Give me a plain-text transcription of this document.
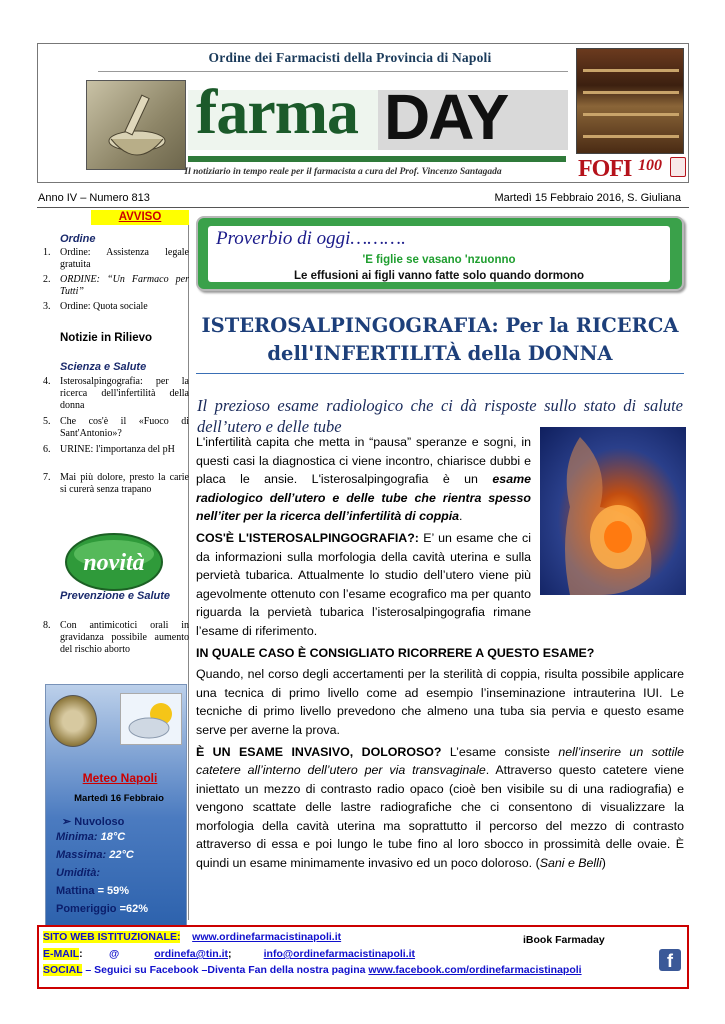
Ordine dei Farmacisti della Provincia di Napoli
farma DAY
Il notiziario in tempo reale per il farmacista a cura del Prof. Vincenzo Santagada	FOFI 100
Anno IV – Numero 813	Martedì 15 Febbraio 2016, S. Giuliana
AVVISO
Ordine
1. Ordine: Assistenza legale gratuita
2. ORDINE: “Un Farmaco per Tutti”
3. Ordine: Quota sociale
Notizie in Rilievo
Scienza e Salute
4. Isterosalpingografia: per la ricerca dell'infertilità della donna
5. Che cos'è il «Fuoco di Sant'Antonio»?
6. URINE: l'importanza del pH
7. Mai più dolore, presto la carie si curerà senza trapano
novità
Prevenzione e Salute
8. Con antimicotici orali in gravidanza possibile aumento del rischio aborto
Meteo Napoli
Martedì 16 Febbraio
➢ Nuvoloso
Minima: 18°C
Massima: 22°C
Umidità:
Mattina = 59%
Pomeriggio =62%
Proverbio di oggi……….
'E figlie se vasano 'nzuonno
Le effusioni ai figli vanno fatte solo quando dormono
ISTEROSALPINGOGRAFIA: Per la RICERCA
dell'INFERTILITÀ della DONNA
Il prezioso esame radiologico che ci dà risposte sullo stato di salute dell’utero e delle tube

L'infertilità capita che metta in “pausa” speranze e sogni, in questi casi la diagnostica ci viene incontro, chiarisce dubbi e placa le ansie. L'isterosalpingografia è un esame radiologico dell’utero e delle tube che rientra spesso nell’iter per la ricerca dell’infertilità di coppia.

COS'È L'ISTEROSALPINGOGRAFIA?: E’ un esame che ci da informazioni sulla morfologia della cavità uterina e sulla pervietà tubarica. Attualmente lo studio dell’utero viene più agevolmente ottenuto con l’esame ecografico ma per quanto riguarda la pervietà tubarica l’isterosalpingografia rimane l’esame di riferimento.

IN QUALE CASO È CONSIGLIATO RICORRERE A QUESTO ESAME?

Quando, nel corso degli accertamenti per la sterilità di coppia, risulta possibile applicare una tecnica di primo livello come ad esempio l’inseminazione intrauterina IUI. Le tecniche di primo livello prevedono che almeno una tuba sia pervia e questo esame serve per averne la prova.

È UN ESAME INVASIVO, DOLOROSO? L’esame consiste nell’inserire un sottile catetere all’interno dell’utero per via transvaginale. Attraverso questo catetere viene iniettato un mezzo di contrasto radio opaco (cioè ben visibile su di una radiografia) e vengono scattate delle lastre radiografiche che ci consentono di visualizzare la morfologia della cavità uterina ma soprattutto il percorso del mezzo di contrasto attraverso di essa e poi lungo le tube fino al loro sbocco in prossimità delle ovaie. È quindi un esame minimamente invasivo ed un poco doloroso. (Sani e Belli)

SITO WEB ISTITUZIONALE: www.ordinefarmacistinapoli.it	iBook Farmaday
E-MAIL:	@	ordinefa@tin.it;	info@ordinefarmacistinapoli.it
SOCIAL – Seguici su Facebook –Diventa Fan della nostra pagina www.facebook.com/ordinefarmacistinapoli	f
